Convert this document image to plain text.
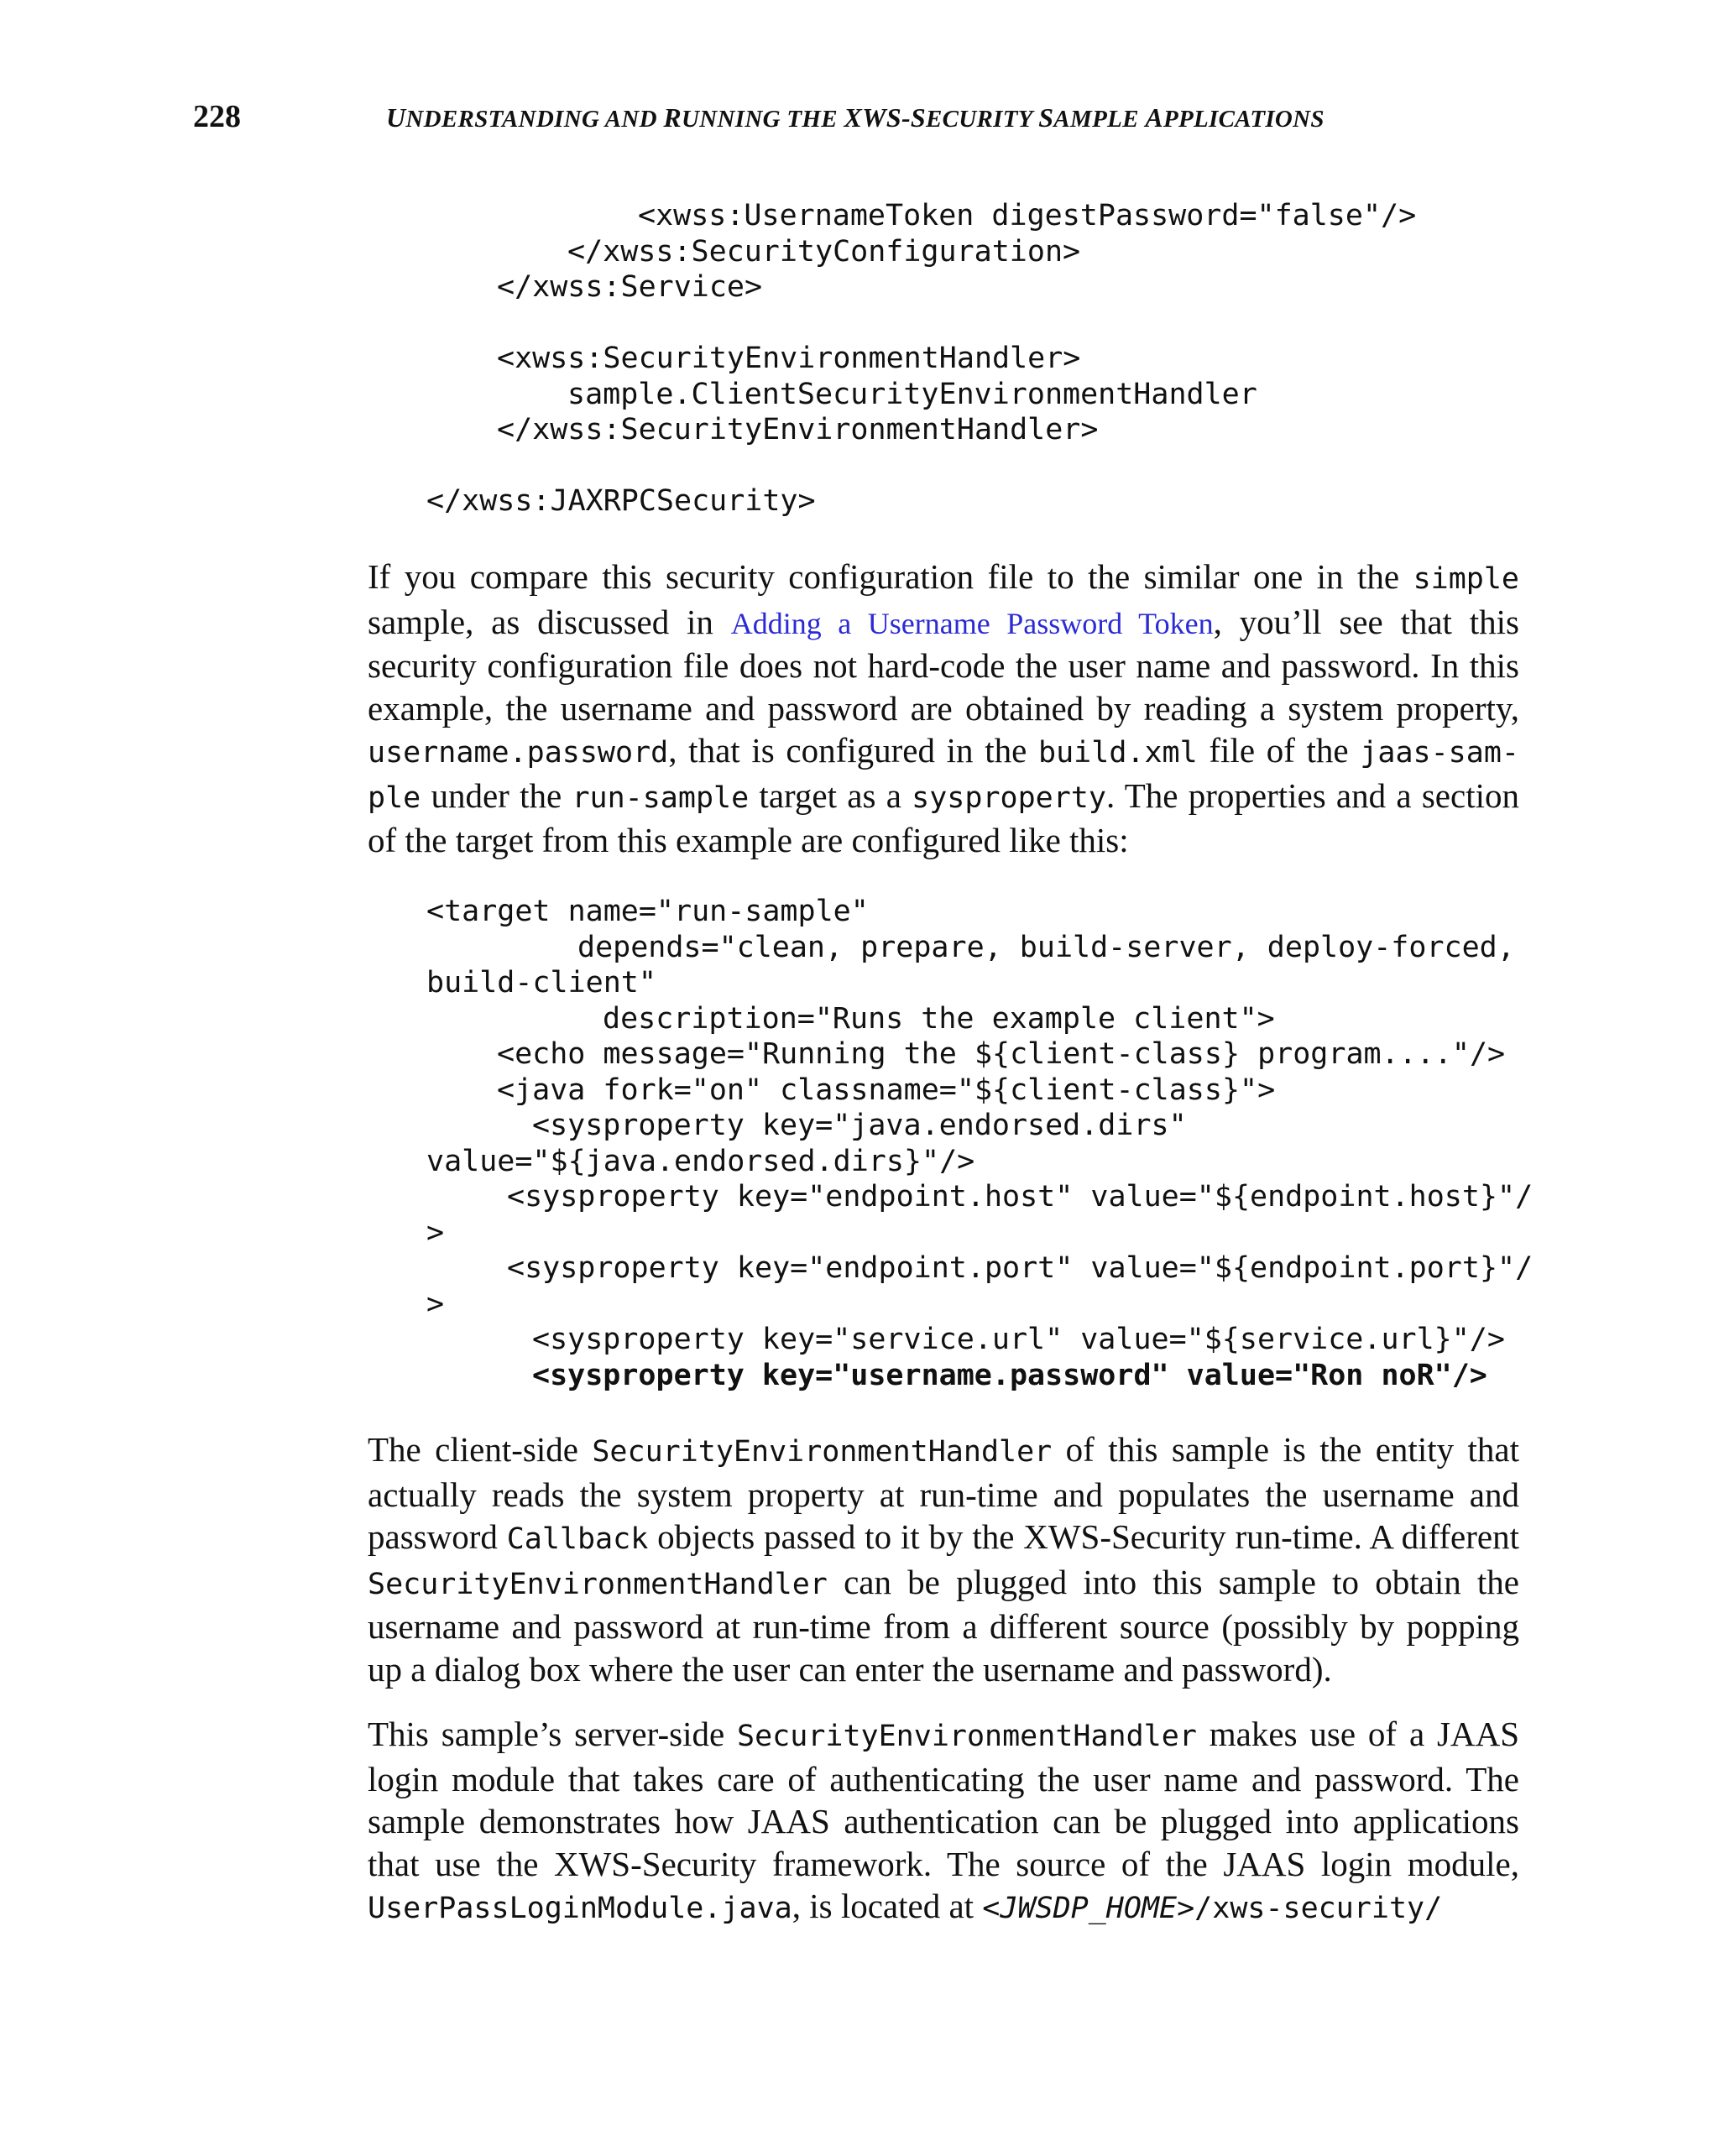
228	UNDERSTANDING AND RUNNING THE XWS-SECURITY SAMPLE APPLICATIONS
<xwss:UsernameToken digestPassword="false"/>
</xwss:SecurityConfiguration>
</xwss:Service>
<xwss:SecurityEnvironmentHandler>
sample.ClientSecurityEnvironmentHandler
</xwss:SecurityEnvironmentHandler>
</xwss:JAXRPCSecurity>

If you compare this security configuration file to the similar one in the simple sample, as discussed in Adding a Username Password Token, you’ll see that this security configuration file does not hard-code the user name and password. In this example, the username and password are obtained by reading a system property, username.password, that is configured in the build.xml file of the jaas-sam-ple under the run-sample target as a sysproperty. The properties and a section of the target from this example are configured like this:

<target name="run-sample"
depends="clean, prepare, build-server, deploy-forced,
build-client"
description="Runs the example client">
<echo message="Running the ${client-class} program...."/>
<java fork="on" classname="${client-class}">
<sysproperty key="java.endorsed.dirs"
value="${java.endorsed.dirs}"/>
<sysproperty key="endpoint.host" value="${endpoint.host}"/
>
<sysproperty key="endpoint.port" value="${endpoint.port}"/
>
<sysproperty key="service.url" value="${service.url}"/>
<sysproperty key="username.password" value="Ron noR"/>

The client-side SecurityEnvironmentHandler of this sample is the entity that actually reads the system property at run-time and populates the username and password Callback objects passed to it by the XWS-Security run-time. A different SecurityEnvironmentHandler can be plugged into this sample to obtain the username and password at run-time from a different source (possibly by popping up a dialog box where the user can enter the username and password).

This sample’s server-side SecurityEnvironmentHandler makes use of a JAAS login module that takes care of authenticating the user name and password. The sample demonstrates how JAAS authentication can be plugged into applications that use the XWS-Security framework. The source of the JAAS login module, UserPassLoginModule.java, is located at <JWSDP_HOME>/xws-security/
